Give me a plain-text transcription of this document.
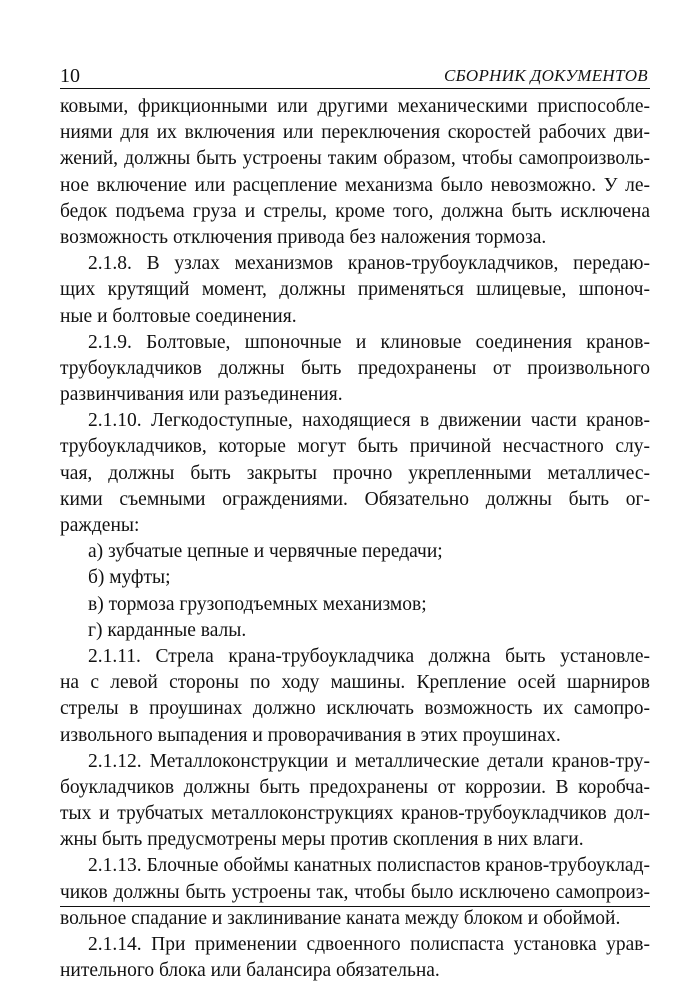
10	СБОРНИК ДОКУМЕНТОВ
ковыми, фрикционными или другими механическими приспособле-
ниями для их включения или переключения скоростей рабочих дви-
жений, должны быть устроены таким образом, чтобы самопроизволь-
ное включение или расцепление механизма было невозможно. У ле-
бедок подъема груза и стрелы, кроме того, должна быть исключена
возможность отключения привода без наложения тормоза.
2.1.8. В узлах механизмов кранов-трубоукладчиков, передаю-
щих крутящий момент, должны применяться шлицевые, шпоноч-
ные и болтовые соединения.
2.1.9. Болтовые, шпоночные и клиновые соединения кранов-
трубоукладчиков должны быть предохранены от произвольного
развинчивания или разъединения.
2.1.10. Легкодоступные, находящиеся в движении части кранов-
трубоукладчиков, которые могут быть причиной несчастного слу-
чая, должны быть закрыты прочно укрепленными металличес-
кими съемными ограждениями. Обязательно должны быть ог-
раждены:
а) зубчатые цепные и червячные передачи;
б) муфты;
в) тормоза грузоподъемных механизмов;
г) карданные валы.
2.1.11. Стрела крана-трубоукладчика должна быть установле-
на с левой стороны по ходу машины. Крепление осей шарниров
стрелы в проушинах должно исключать возможность их самопро-
извольного выпадения и проворачивания в этих проушинах.
2.1.12. Металлоконструкции и металлические детали кранов-тру-
боукладчиков должны быть предохранены от коррозии. В коробча-
тых и трубчатых металлоконструкциях кранов-трубоукладчиков дол-
жны быть предусмотрены меры против скопления в них влаги.
2.1.13. Блочные обоймы канатных полиспастов кранов-трубоуклад-
чиков должны быть устроены так, чтобы было исключено самопроиз-
вольное спадание и заклинивание каната между блоком и обоймой.
2.1.14. При применении сдвоенного полиспаста установка урав-
нительного блока или балансира обязательна.
